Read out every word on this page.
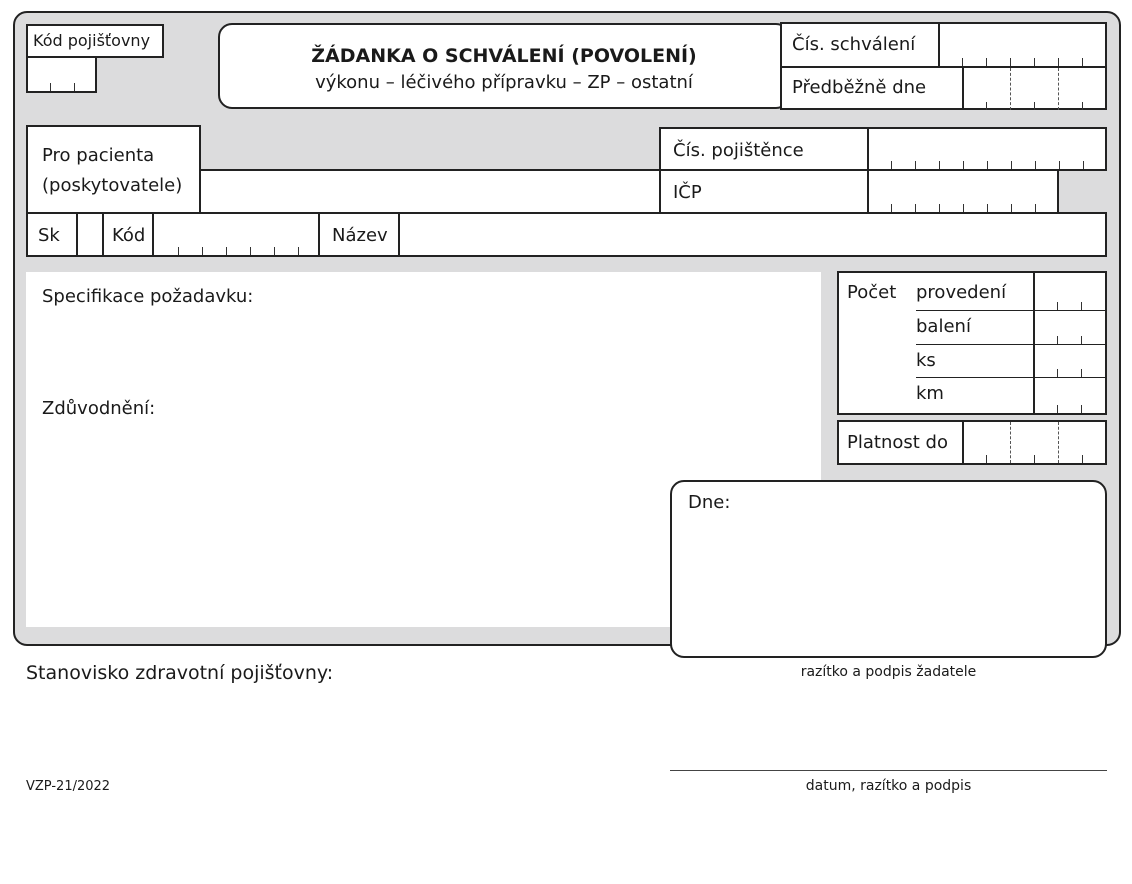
Kód pojišťovny
ŽÁDANKA O SCHVÁLENÍ (POVOLENÍ)
výkonu – léčivého přípravku – ZP – ostatní
Čís. schválení
Předběžně dne
Pro pacienta
(poskytovatele)
Čís. pojištěnce
IČP
Sk	Kód	Název
Specifikace požadavku:
Zdůvodnění:
Počet provedení
balení
ks
km
Platnost do
Dne:
razítko a podpis žadatele
Stanovisko zdravotní pojišťovny:
datum, razítko a podpis
VZP-21/2022
